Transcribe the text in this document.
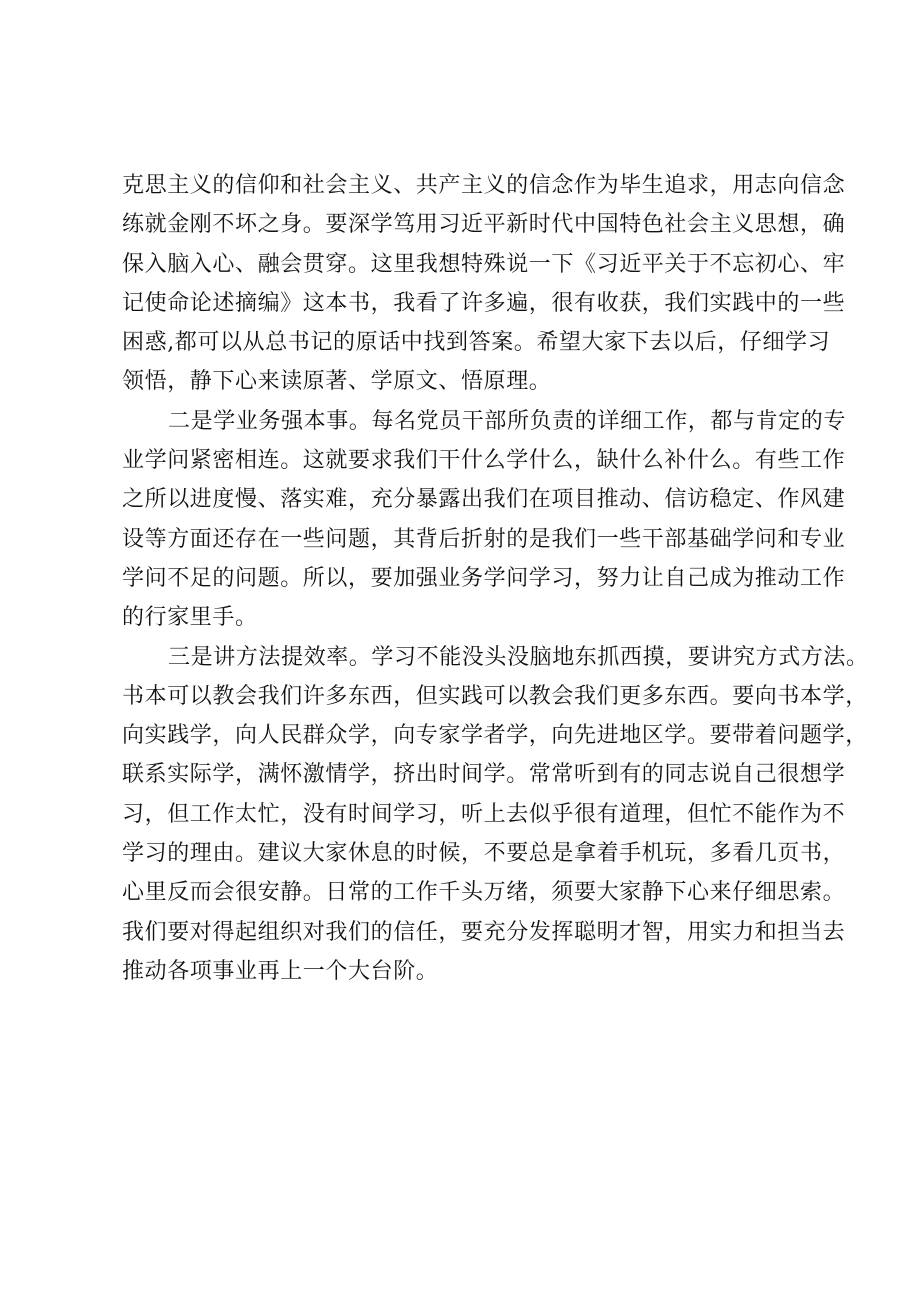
克思主义的信仰和社会主义、共产主义的信念作为毕生追求，用志向信念
练就金刚不坏之身。要深学笃用习近平新时代中国特色社会主义思想，确
保入脑入心、融会贯穿。这里我想特殊说一下《习近平关于不忘初心、牢
记使命论述摘编》这本书，我看了许多遍，很有收获，我们实践中的一些
困惑,都可以从总书记的原话中找到答案。希望大家下去以后，仔细学习
领悟，静下心来读原著、学原文、悟原理。

二是学业务强本事。每名党员干部所负责的详细工作，都与肯定的专
业学问紧密相连。这就要求我们干什么学什么，缺什么补什么。有些工作
之所以进度慢、落实难，充分暴露出我们在项目推动、信访稳定、作风建
设等方面还存在一些问题，其背后折射的是我们一些干部基础学问和专业
学问不足的问题。所以，要加强业务学问学习，努力让自己成为推动工作
的行家里手。

三是讲方法提效率。学习不能没头没脑地东抓西摸，要讲究方式方法。
书本可以教会我们许多东西，但实践可以教会我们更多东西。要向书本学，
向实践学，向人民群众学，向专家学者学，向先进地区学。要带着问题学，
联系实际学，满怀激情学，挤出时间学。常常听到有的同志说自己很想学
习，但工作太忙，没有时间学习，听上去似乎很有道理，但忙不能作为不
学习的理由。建议大家休息的时候，不要总是拿着手机玩，多看几页书，
心里反而会很安静。日常的工作千头万绪，须要大家静下心来仔细思索。
我们要对得起组织对我们的信任，要充分发挥聪明才智，用实力和担当去
推动各项事业再上一个大台阶。
